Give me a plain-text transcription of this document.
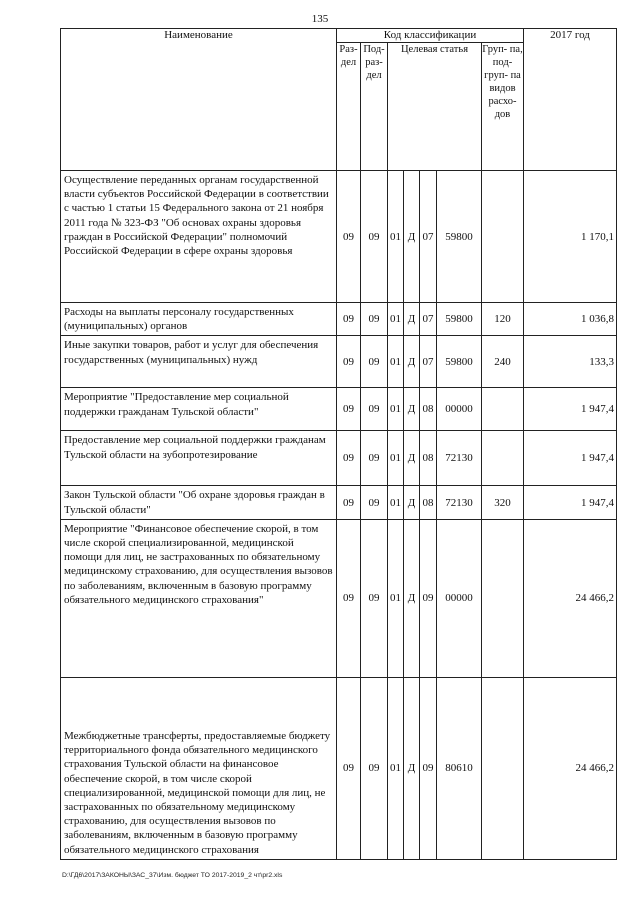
135
Наименование	Код классификации							2017 год
	Раз- дел	Под- раз- дел	Целевая статья				Груп- па, под- груп- па видов расхо- дов	
Осуществление переданных органам государственной власти субъектов Российской Федерации в соответствии с частью 1 статьи 15 Федерального закона от 21 ноября 2011 года № 323-ФЗ "Об основах охраны здоровья граждан в Российской Федерации" полномочий Российской Федерации в сфере охраны здоровья	09	09	01	Д	07	59800		1 170,1
Расходы на выплаты персоналу государственных (муниципальных) органов	09	09	01	Д	07	59800	120	1 036,8
Иные закупки товаров, работ и услуг для обеспечения государственных (муниципальных) нужд	09	09	01	Д	07	59800	240	133,3
Мероприятие "Предоставление мер социальной поддержки гражданам Тульской области"	09	09	01	Д	08	00000		1 947,4
Предоставление мер социальной поддержки гражданам Тульской области на зубопротезирование	09	09	01	Д	08	72130		1 947,4
Закон Тульской области "Об охране здоровья граждан в Тульской области"	09	09	01	Д	08	72130	320	1 947,4
Мероприятие "Финансовое обеспечение скорой, в том числе скорой специализированной, медицинской помощи для лиц, не застрахованных по обязательному медицинскому страхованию, для осуществления вызовов по заболеваниям, включенным в базовую программу обязательного медицинского страхования"	09	09	01	Д	09	00000		24 466,2
Межбюджетные трансферты, предоставляемые бюджету территориального фонда обязательного медицинского страхования Тульской области на финансовое обеспечение скорой, в том числе скорой специализированной, медицинской помощи для лиц, не застрахованных по обязательному медицинскому страхованию, для осуществления вызовов по заболеваниям, включенным в базовую программу обязательного медицинского страхования	09	09	01	Д	09	80610		24 466,2
D:\ГД6\2017\ЗАКОНЫ\ЗАС_37\Изм. бюджет ТО 2017-2019_2 чт\pr2.xls
